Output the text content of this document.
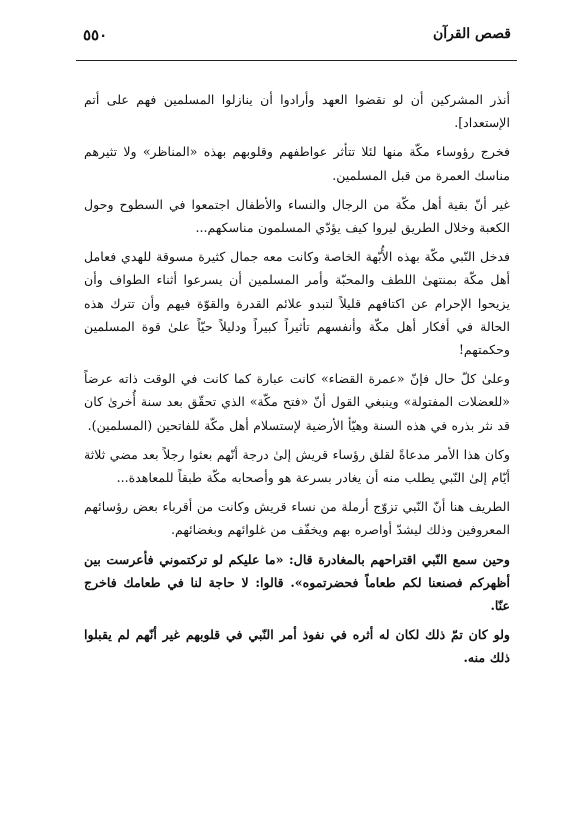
٥٥٠	قصص القرآن

أنذر المشركين أن لو نقضوا العهد وأرادوا أن ينازلوا المسلمين فهم على أتم الإستعداد].

فخرج رؤوساء مكّة منها لئلا تتأثر عواطفهم وقلوبهم بهذه «المناظر» ولا تثيرهم مناسك العمرة من قبل المسلمين.

غير أنّ بقية أهل مكّة من الرجال والنساء والأطفال اجتمعوا في السطوح وحول الكعبة وخلال الطريق ليروا كيف يؤدّي المسلمون مناسكهم...

فدخل النّبي مكّة بهذه الأُبّهة الخاصة وكانت معه جمال كثيرة مسوقة للهدي فعامل أهل مكّة بمنتهىٰ اللطف والمحبّة وأمر المسلمين أن يسرعوا أثناء الطواف وأن يزيحوا الإحرام عن اكتافهم قليلاً لتبدو علائم القدرة والقوّة فيهم وأن تترك هذه الحالة في أفكار أهل مكّة وأنفسهم تأثيراً كبيراً ودليلاً حيّاً علىٰ قوة المسلمين وحكمتهم!

وعلىٰ كلّ حال فإنّ «عمرة القضاء» كانت عبارة كما كانت في الوقت ذاته عرضاً «للعضلات المفتولة» وينبغي القول أنّ «فتح مكّة» الذي تحقّق بعد سنة أُخرىٰ كان قد نثر بذره في هذه السنة وهيّأ الأرضية لإستسلام أهل مكّة للفاتحين (المسلمين).

وكان هذا الأمر مدعاةً لقلق رؤساء قريش إلىٰ درجة أنّهم بعثوا رجلاً بعد مضي ثلاثة أيّام إلىٰ النّبي يطلب منه أن يغادر بسرعة هو وأصحابه مكّة طبقاً للمعاهدة...

الطريف هنا أنّ النّبي تزوّج أرملة من نساء قريش وكانت من أقرباء بعض رؤسائهم المعروفين وذلك ليشدّ أواصره بهم ويخفّف من غلوائهم وبغضائهم.

وحين سمع النّبي اقتراحهم بالمغادرة قال: «ما عليكم لو تركتموني فأعرست بين أظهركم فصنعنا لكم طعاماً فحضرتموه». قالوا: لا حاجة لنا في طعامك فاخرج عنّا.

ولو كان تمّ ذلك لكان له أثره في نفوذ أمر النّبي في قلوبهم غير أنّهم لم يقبلوا ذلك منه.
